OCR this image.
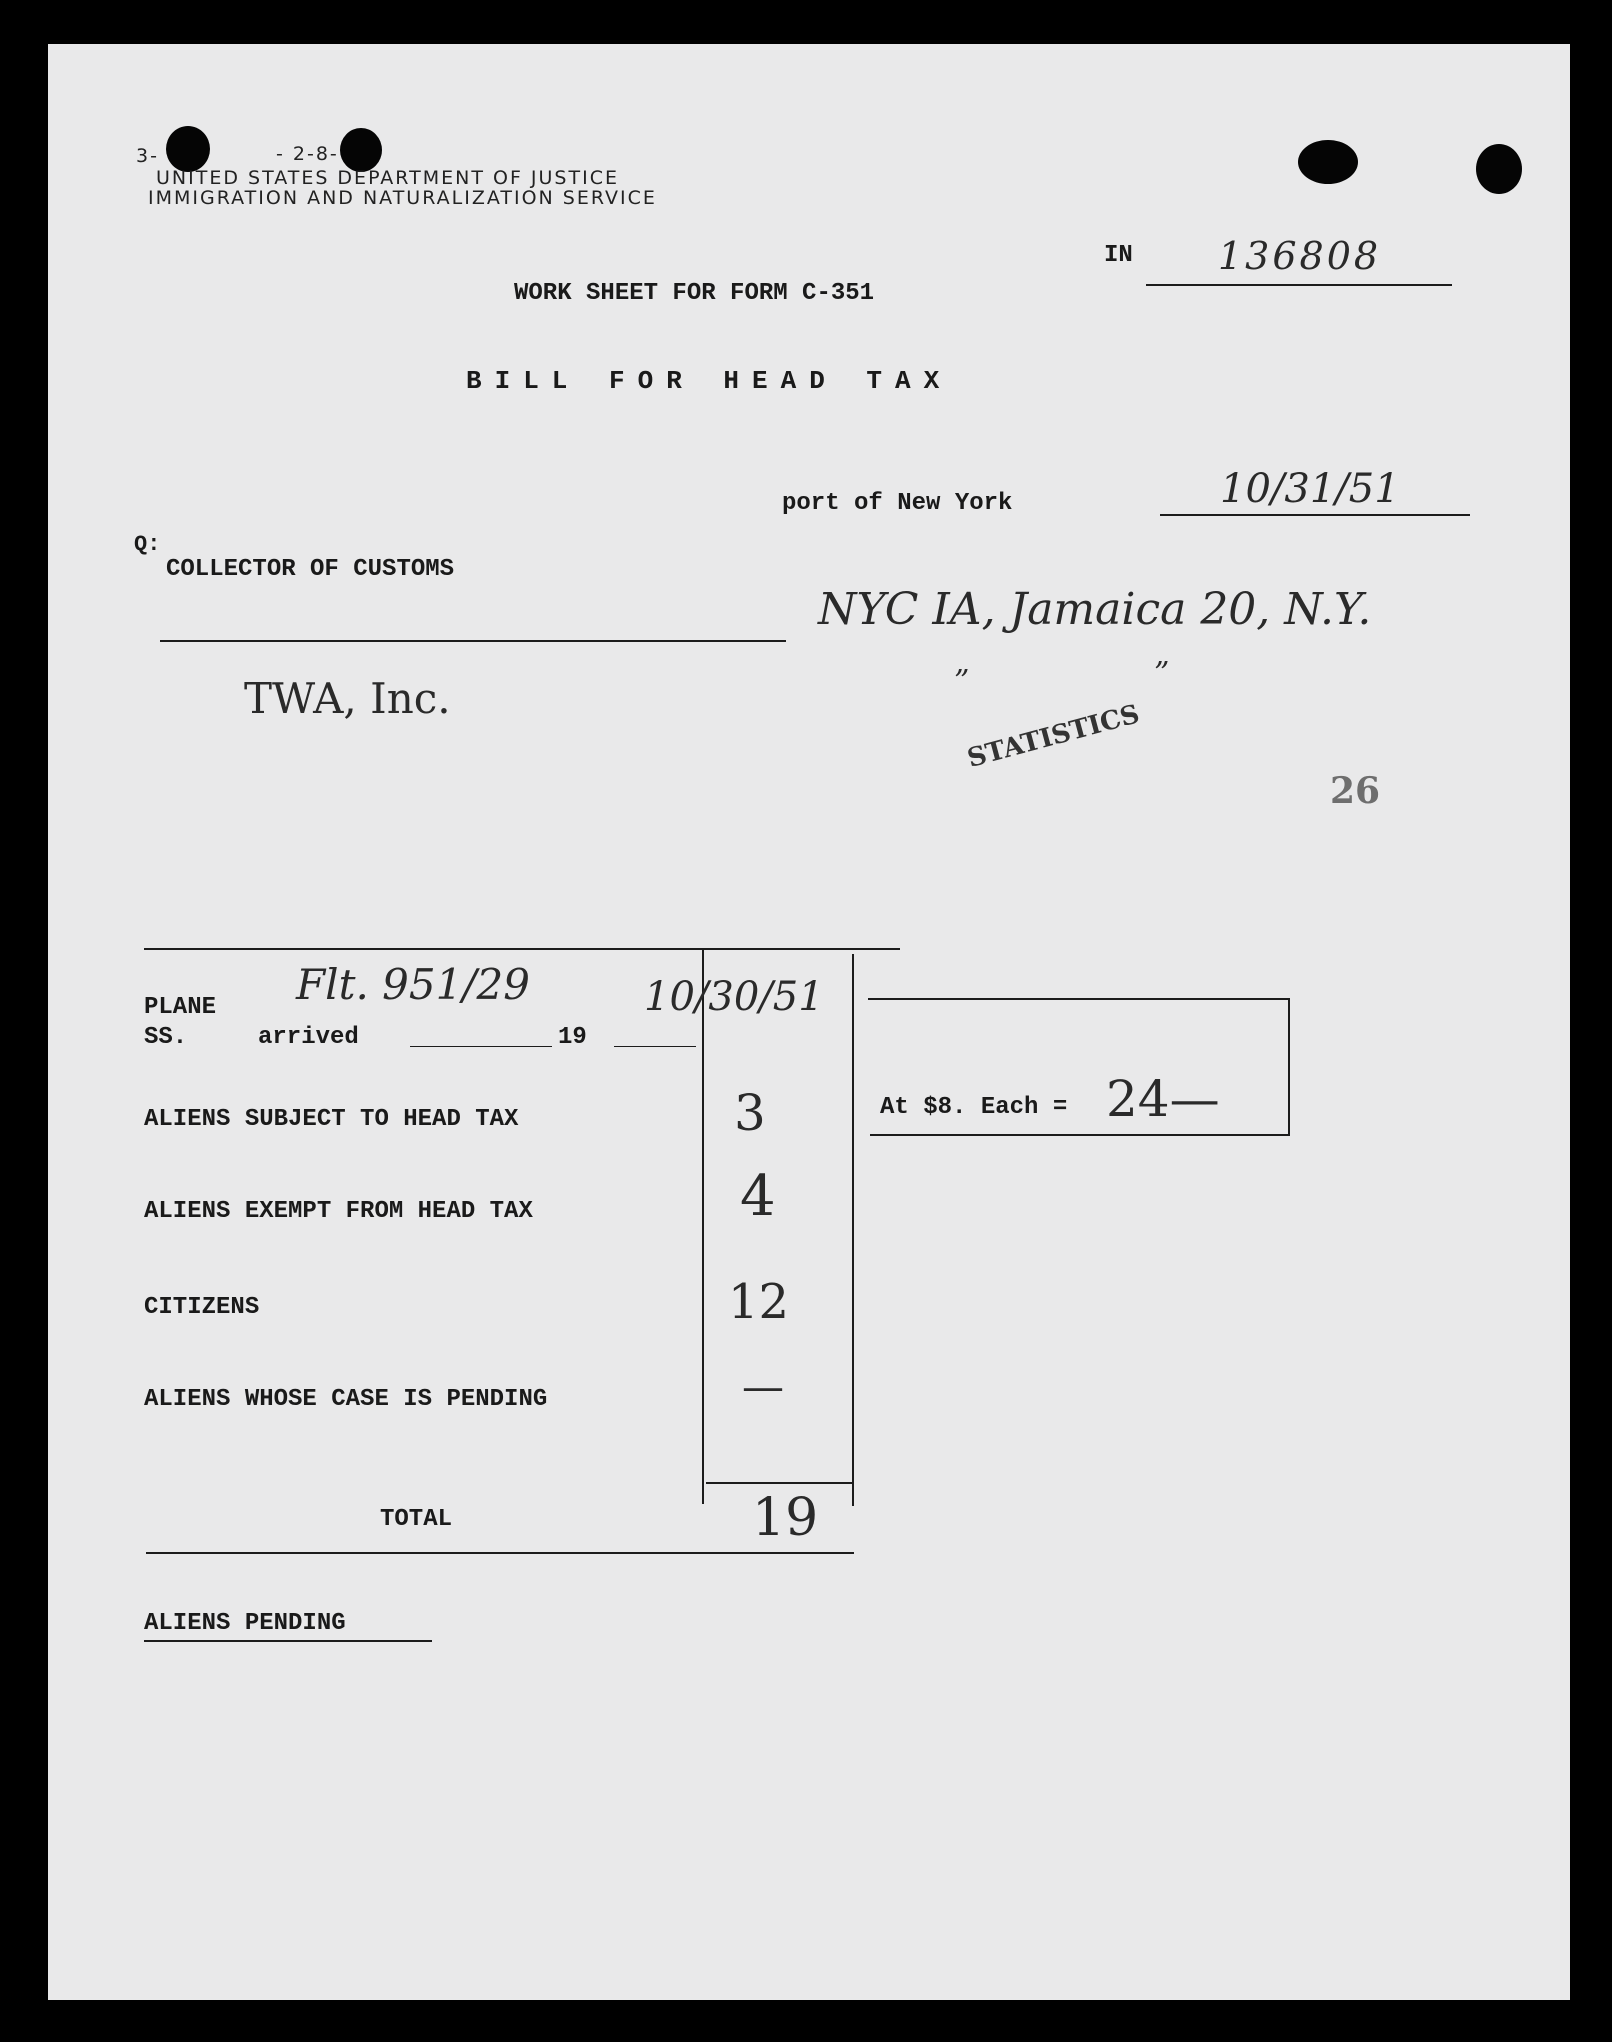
3-	- 2-8-
UNITED STATES DEPARTMENT OF JUSTICE
IMMIGRATION AND NATURALIZATION SERVICE
IN 136808
WORK SHEET FOR FORM C-351
BILL FOR HEAD TAX
port of New York	10/31/51
Q:
COLLECTOR OF CUSTOMS
NYC IA, Jamaica 20, N.Y.
”	”
TWA, Inc.
STATISTICS
26
PLANE
SS.	arrived	19
Flt. 951/29	10/30/51
ALIENS SUBJECT TO HEAD TAX	3
ALIENS EXEMPT FROM HEAD TAX	4
CITIZENS	12
ALIENS WHOSE CASE IS PENDING	—
TOTAL	19
At $8. Each = 24—
ALIENS PENDING
